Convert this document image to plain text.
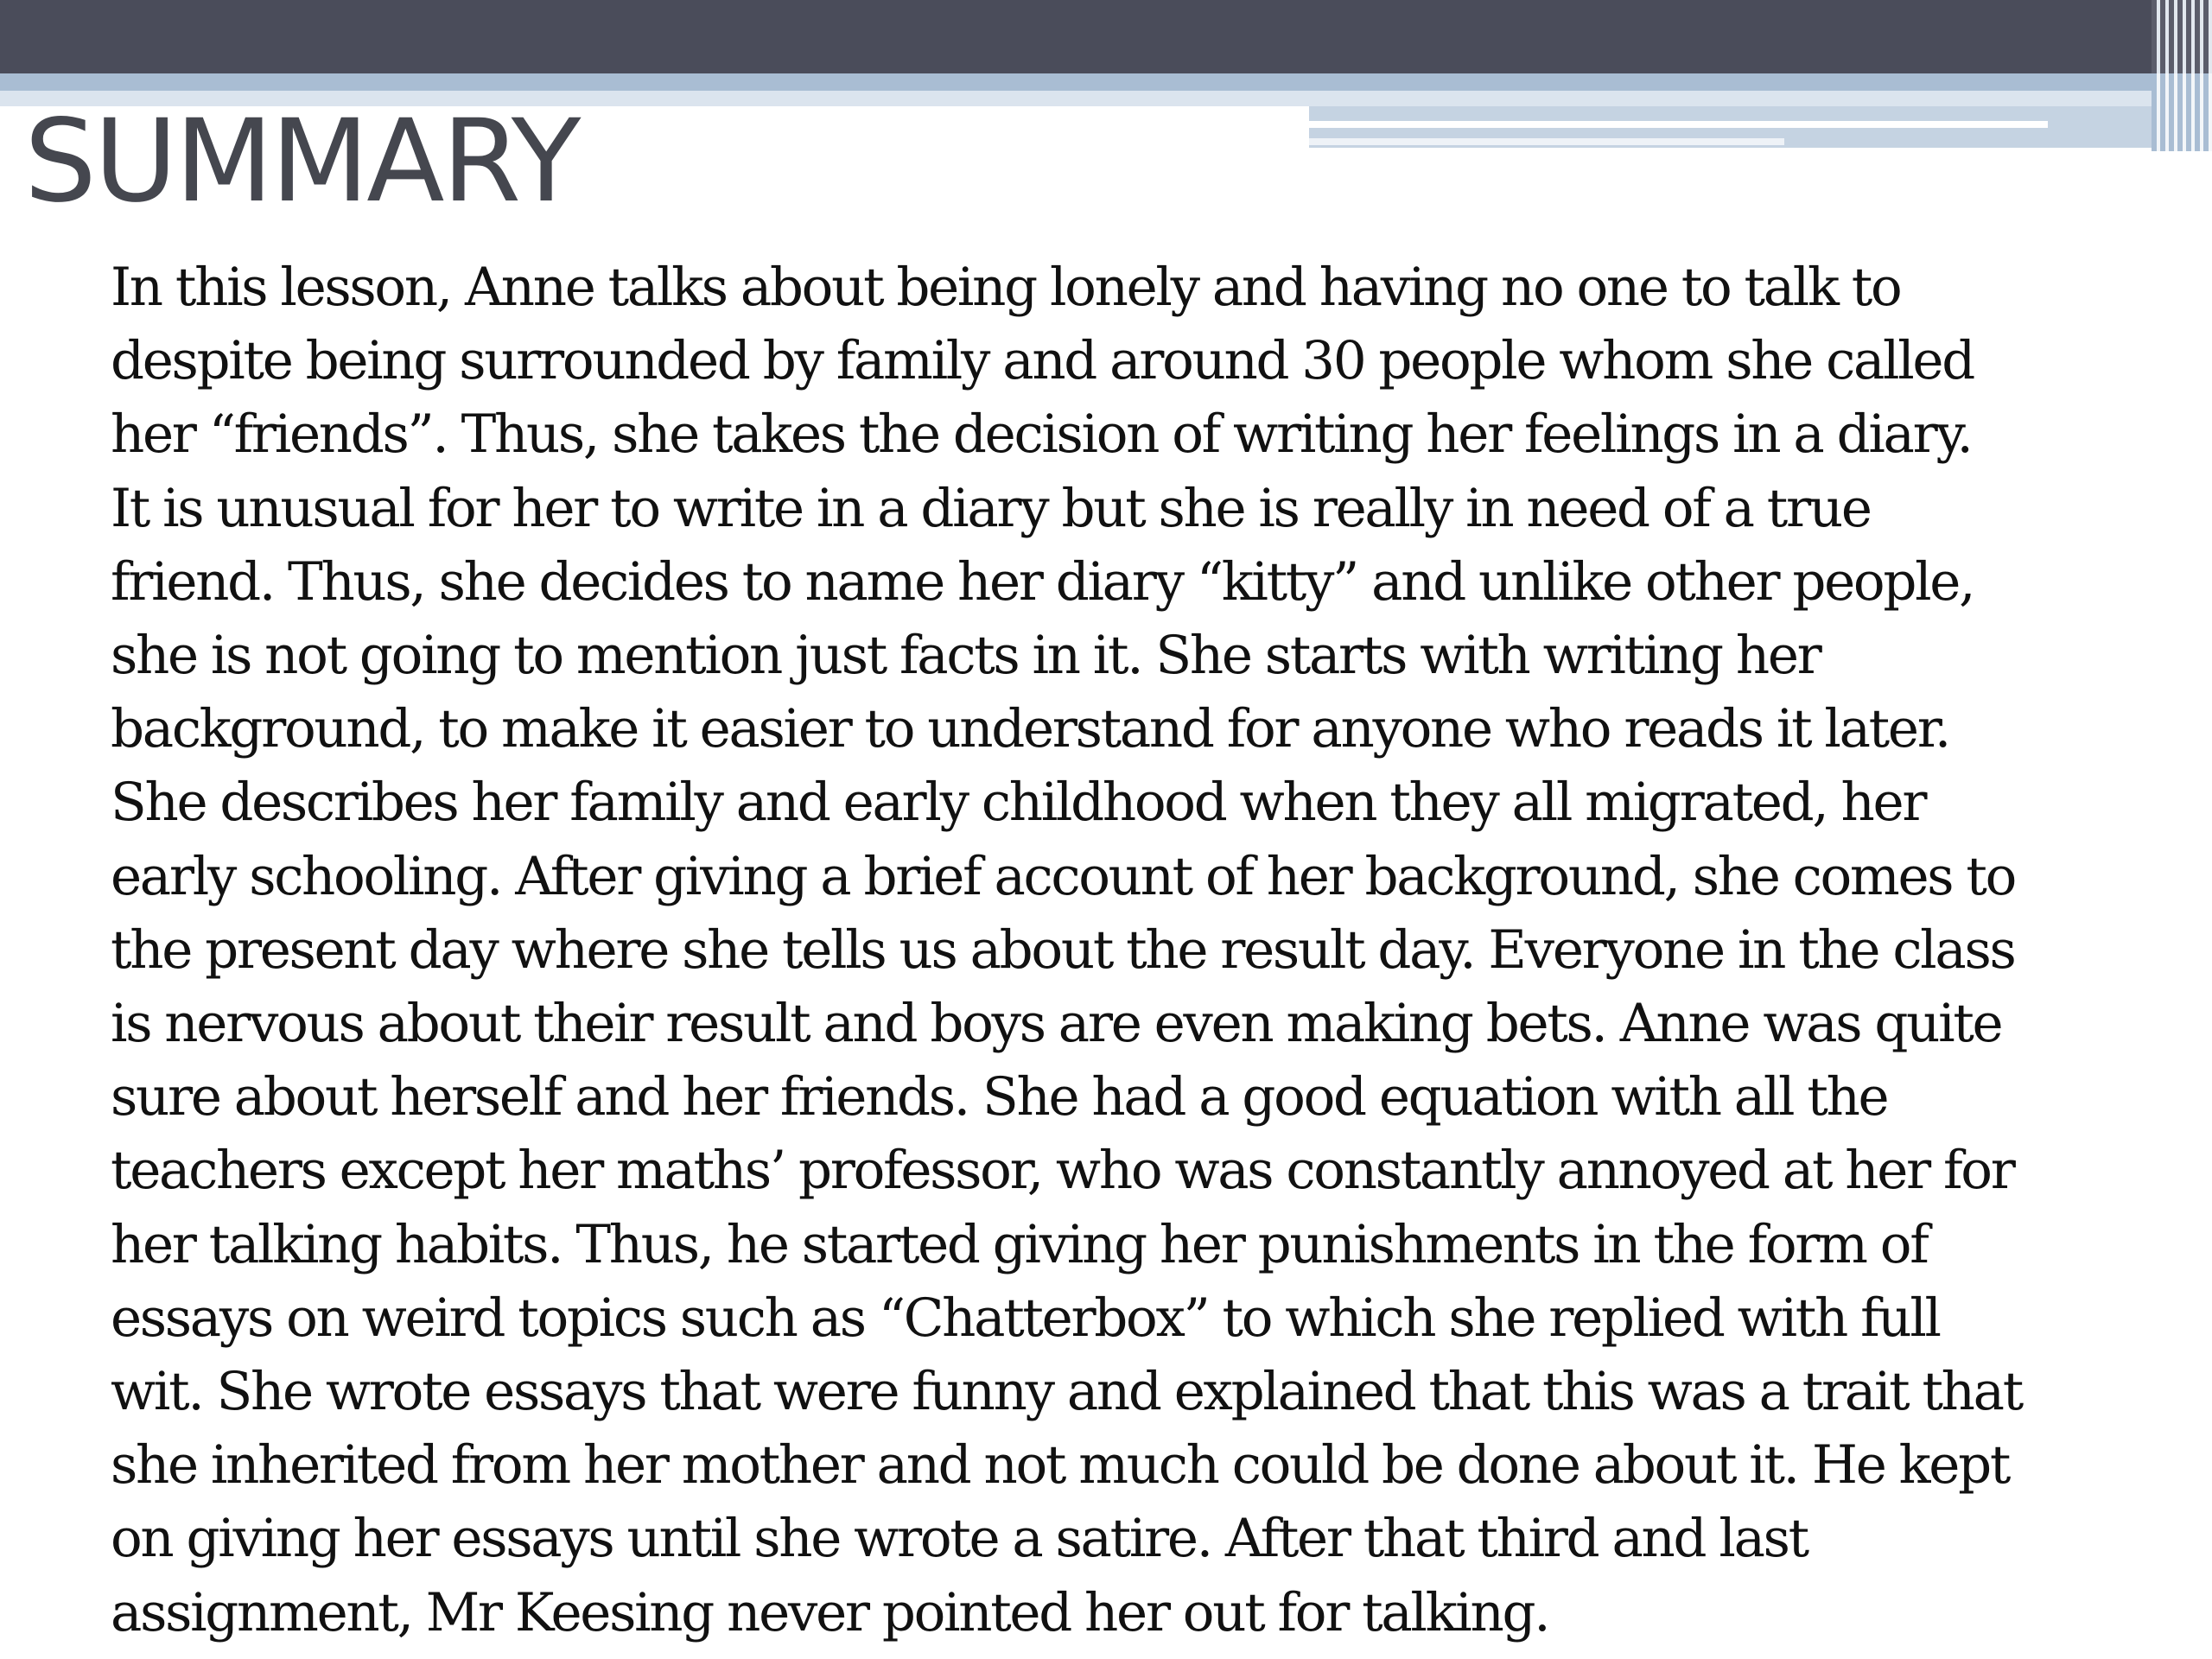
SUMMARY

In this lesson, Anne talks about being lonely and having no one to talk to
despite being surrounded by family and around 30 people whom she called
her “friends”. Thus, she takes the decision of writing her feelings in a diary.
It is unusual for her to write in a diary but she is really in need of a true
friend. Thus, she decides to name her diary “kitty” and unlike other people,
she is not going to mention just facts in it. She starts with writing her
background, to make it easier to understand for anyone who reads it later.
She describes her family and early childhood when they all migrated, her
early schooling. After giving a brief account of her background, she comes to
the present day where she tells us about the result day. Everyone in the class
is nervous about their result and boys are even making bets. Anne was quite
sure about herself and her friends. She had a good equation with all the
teachers except her maths’ professor, who was constantly annoyed at her for
her talking habits. Thus, he started giving her punishments in the form of
essays on weird topics such as “Chatterbox” to which she replied with full
wit. She wrote essays that were funny and explained that this was a trait that
she inherited from her mother and not much could be done about it. He kept
on giving her essays until she wrote a satire. After that third and last
assignment, Mr Keesing never pointed her out for talking.
